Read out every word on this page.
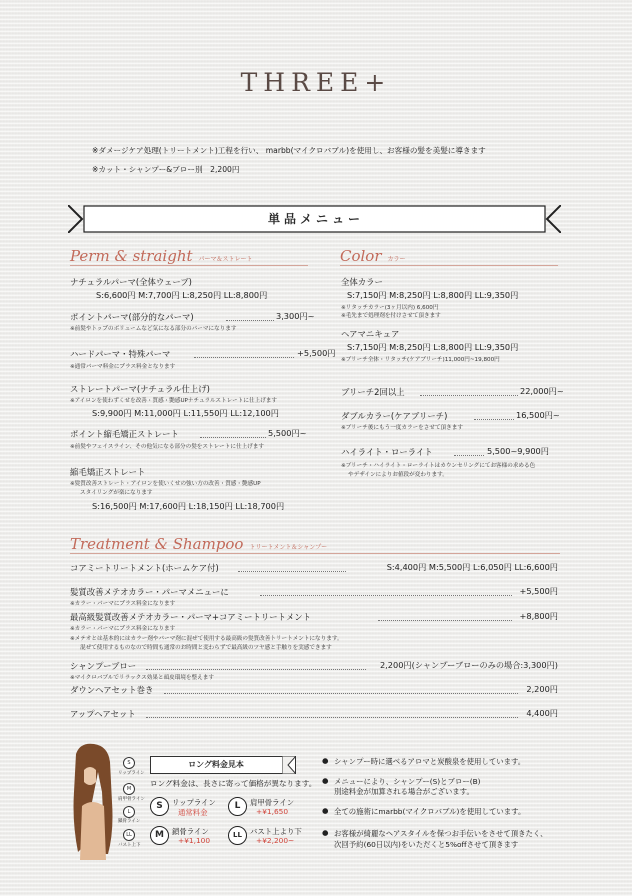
THREE+
※ダメージケア処理(トリートメント)工程を行い、 marbb(マイクロバブル)を使用し、お客様の髪を美髪に導きます
※カット・シャンプー&ブロー別　2,200円
単品メニュー
Perm & straight パーマ＆ストレート
ナチュラルパーマ(全体ウェーブ)
S:6,600円 M:7,700円 L:8,250円 LL:8,800円
ポイントパーマ(部分的なパーマ)	3,300円~
※前髪やトップのボリュームなど気になる部分のパーマになります
ハードパーマ・特殊パーマ	+5,500円
※通常パーマ料金にプラス料金となります
ストレートパーマ(ナチュラル仕上げ)
※アイロンを使わずくせを改善・質感・艶感UPナチュラルストレートに仕上げます
S:9,900円 M:11,000円 L:11,550円 LL:12,100円
ポイント縮毛矯正ストレート	5,500円~
※前髪やフェイスライン、その他気になる部分の髪をストレートに仕上げます
縮毛矯正ストレート
※髪質改善ストレート・アイロンを使いくせの強い方の改善・質感・艶感UP
スタイリングが楽になります
S:16,500円 M:17,600円 L:18,150円 LL:18,700円
Color カラー
全体カラー
S:7,150円 M:8,250円 L:8,800円 LL:9,350円
※リタッチカラー(3ヶ月以内) 6,600円
※毛先まで処理剤を付けさせて頂きます
ヘアマニキュア
S:7,150円 M:8,250円 L:8,800円 LL:9,350円
※ブリーチ全体・リタッチ(ケアブリーチ)11,000円~19,800円
ブリーチ2回以上	22,000円~
ダブルカラー(ケアブリーチ)	16,500円~
※ブリーチ後にもう一度カラーをさせて頂きます
ハイライト・ローライト	5,500~9,900円
※ブリーチ・ハイライト・ローライトはカウンセリングにてお客様の求める色
やデザインによりお値段が変わります。
Treatment & Shampoo トリートメント＆シャンプー
コアミートリートメント(ホームケア付)	S:4,400円 M:5,500円 L:6,050円 LL:6,600円
髪質改善メテオカラー・パーマメニューに	+5,500円
※カラー・パーマにプラス料金になります
最高級髪質改善メテオカラー・パーマ+コアミートリートメント	+8,800円
※カラー・パーマにプラス料金になります
※メテオとは基本的にはカラー剤やパーマ剤に混ぜて使用する最高級の髪質改善トリートメントになります。
混ぜて使用するものなので時間も通常のお時間と変わらずで最高級のツヤ感と手触りを実感できます
シャンプーブロー	2,200円(シャンプーブローのみの場合:3,300円)
※マイクロバブルでリラックス効果と頭皮環境を整えます
ダウンヘアセット巻き	2,200円
アップヘアセット	4,400円
S
リップライン
M
肩甲骨ライン
L
鎖骨ライン
LL
バスト上下
ロング料金見本
ロング料金は、長さに寄って価格が異なります。
S	リップライン
通常料金
L	肩甲骨ライン
+¥1,650
M	鎖骨ライン
+¥1,100
LL	バスト上より下
+¥2,200~
● シャンプー時に選べるアロマと炭酸泉を使用しています。
● メニューにより、シャンプー(S)とブロー(B)
別途料金が加算される場合がございます。
● 全ての施術にmarbb(マイクロバブル)を使用しています。
● お客様が綺麗なヘアスタイルを保つお手伝いをさせて頂きたく、
次回予約(60日以内)をいただくと5%offさせて頂きます
